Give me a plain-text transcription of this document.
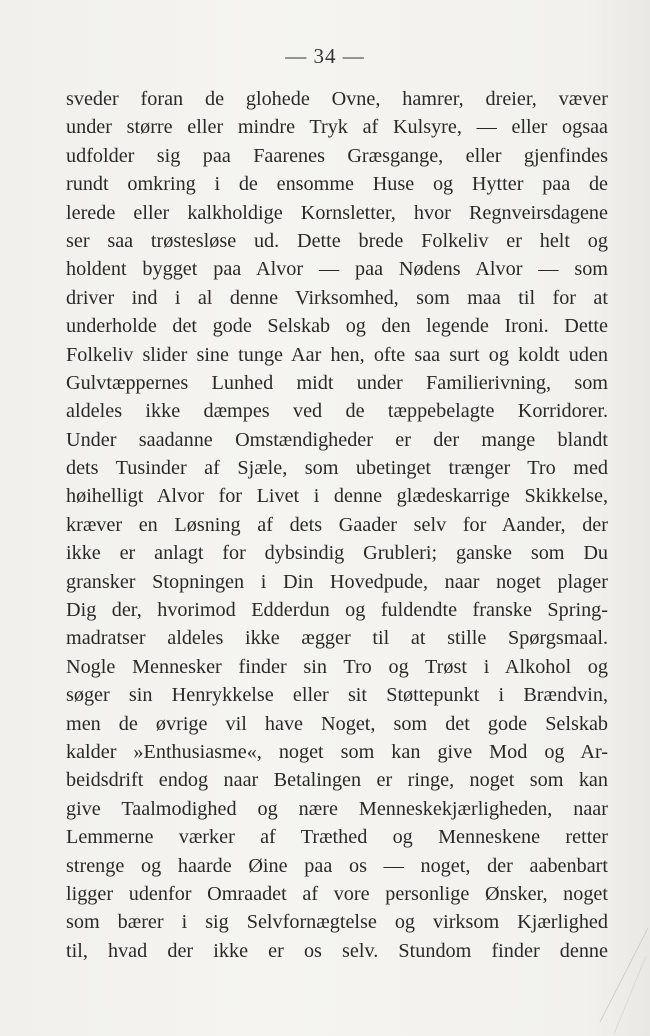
— 34 —
sveder foran de glohede Ovne, hamrer, dreier, væver
under større eller mindre Tryk af Kulsyre, — eller ogsaa
udfolder sig paa Faarenes Græsgange, eller gjenfindes
rundt omkring i de ensomme Huse og Hytter paa de
lerede eller kalkholdige Kornsletter, hvor Regnveirsdagene
ser saa trøstesløse ud. Dette brede Folkeliv er helt og
holdent bygget paa Alvor — paa Nødens Alvor — som
driver ind i al denne Virksomhed, som maa til for at
underholde det gode Selskab og den legende Ironi. Dette
Folkeliv slider sine tunge Aar hen, ofte saa surt og koldt uden
Gulvtæppernes Lunhed midt under Familierivning, som
aldeles ikke dæmpes ved de tæppebelagte Korridorer.
Under saadanne Omstændigheder er der mange blandt
dets Tusinder af Sjæle, som ubetinget trænger Tro med
høihelligt Alvor for Livet i denne glædeskarrige Skikkelse,
kræver en Løsning af dets Gaader selv for Aander, der
ikke er anlagt for dybsindig Grubleri; ganske som Du
gransker Stopningen i Din Hovedpude, naar noget plager
Dig der, hvorimod Edderdun og fuldendte franske Spring-
madratser aldeles ikke ægger til at stille Spørgsmaal.
Nogle Mennesker finder sin Tro og Trøst i Alkohol og
søger sin Henrykkelse eller sit Støttepunkt i Brændvin,
men de øvrige vil have Noget, som det gode Selskab
kalder »Enthusiasme«, noget som kan give Mod og Ar-
beidsdrift endog naar Betalingen er ringe, noget som kan
give Taalmodighed og nære Menneskekjærligheden, naar
Lemmerne værker af Træthed og Menneskene retter
strenge og haarde Øine paa os — noget, der aabenbart
ligger udenfor Omraadet af vore personlige Ønsker, noget
som bærer i sig Selvfornægtelse og virksom Kjærlighed
til, hvad der ikke er os selv. Stundom finder denne
